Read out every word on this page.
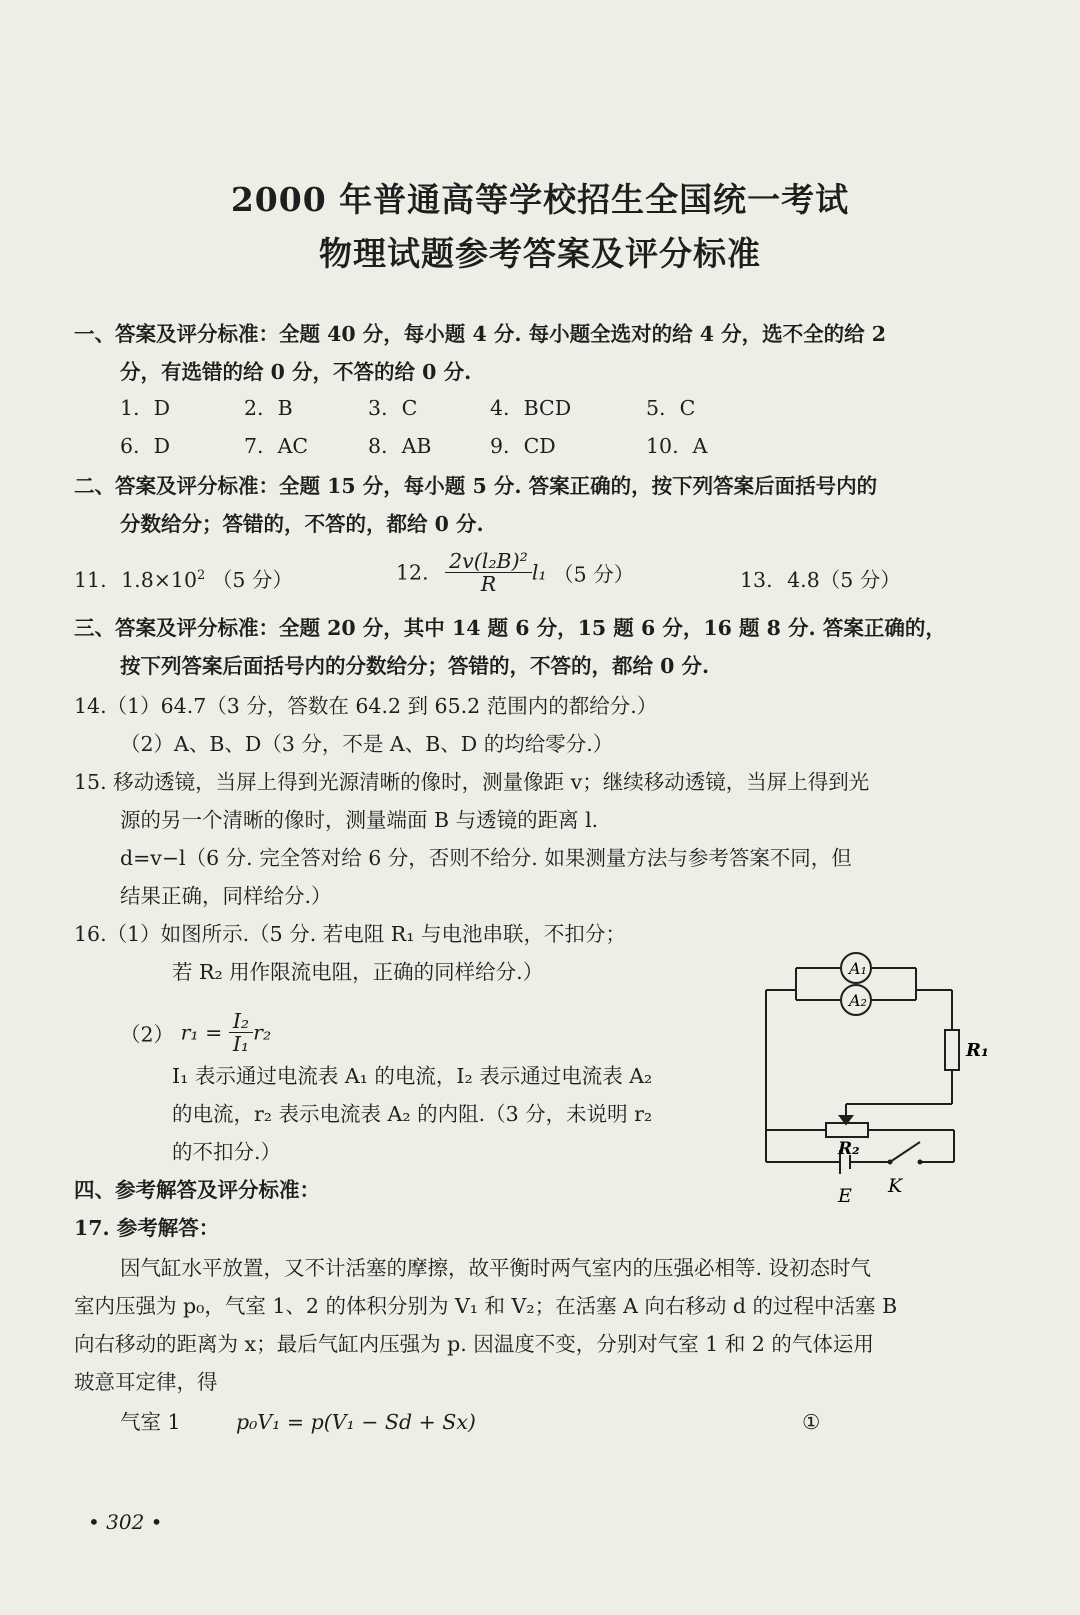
2000 年普通高等学校招生全国统一考试
物理试题参考答案及评分标准
一、答案及评分标准：全题 40 分，每小题 4 分. 每小题全选对的给 4 分，选不全的给 2
分，有选错的给 0 分，不答的给 0 分.
1. D	2. B	3. C	4. BCD	5. C
6. D	7. AC	8. AB	9. CD	10. A
二、答案及评分标准：全题 15 分，每小题 5 分. 答案正确的，按下列答案后面括号内的
分数给分；答错的，不答的，都给 0 分.
11. $1.8\times 10^2$ （5 分）	12. $\frac{\text{2v(l₂B)²}}{R} l_1$ （5 分）	13. 4.8（5 分）
三、答案及评分标准：全题 20 分，其中 14 题 6 分，15 题 6 分，16 题 8 分. 答案正确的，
按下列答案后面括号内的分数给分；答错的，不答的，都给 0 分.
14.（1）64.7（3 分，答数在 64.2 到 65.2 范围内的都给分.）
（2）A、B、D（3 分，不是 A、B、D 的均给零分.）
15. 移动透镜，当屏上得到光源清晰的像时，测量像距 v；继续移动透镜，当屏上得到光
源的另一个清晰的像时，测量端面 B 与透镜的距离 l.
d=v−l（6 分. 完全答对给 6 分，否则不给分. 如果测量方法与参考答案不同，但
结果正确，同样给分.）
16.（1）如图所示.（5 分. 若电阻 R₁ 与电池串联，不扣分；
若 R₂ 用作限流电阻，正确的同样给分.）
（2） $r_1 = \frac{\text{I₂}}{\text{I₁}} r_2$
I₁ 表示通过电流表 A₁ 的电流，I₂ 表示通过电流表 A₂
的电流，r₂ 表示电流表 A₂ 的内阻.（3 分，未说明 r₂
的不扣分.）
A₁
A₂
R₁
R₂
K
E
四、参考解答及评分标准：
17. 参考解答：
因气缸水平放置，又不计活塞的摩擦，故平衡时两气室内的压强必相等. 设初态时气
室内压强为 p₀，气室 1、2 的体积分别为 V₁ 和 V₂；在活塞 A 向右移动 d 的过程中活塞 B
向右移动的距离为 x；最后气缸内压强为 p. 因温度不变，分别对气室 1 和 2 的气体运用
玻意耳定律，得
气室 1	p₀V₁ = p(V₁ − Sd + Sx)	①
• 302 •
